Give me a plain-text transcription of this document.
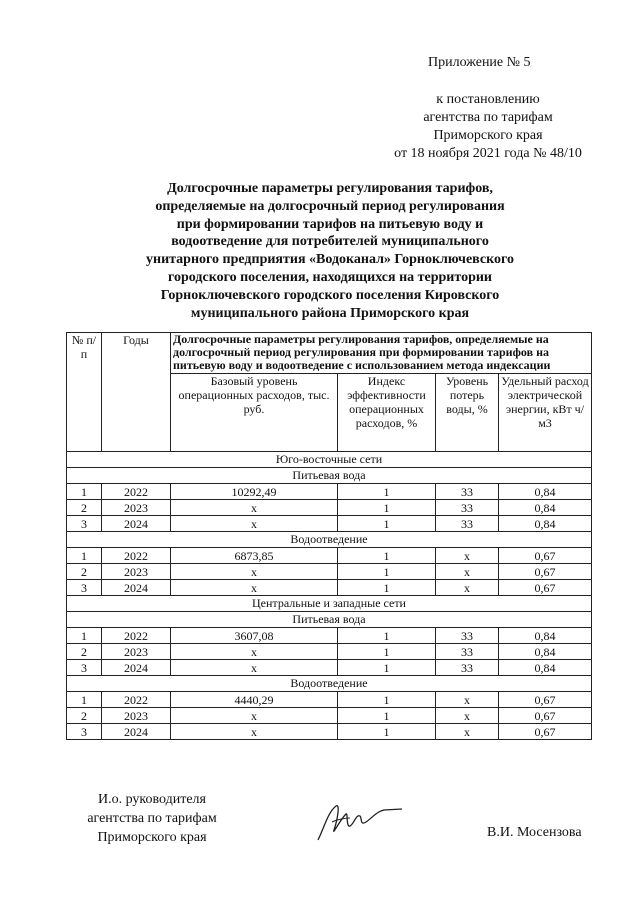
Приложение № 5
к постановлению
агентства по тарифам
Приморского края
от 18 ноября 2021 года № 48/10
Долгосрочные параметры регулирования тарифов,
определяемые на долгосрочный период регулирования
при формировании тарифов на питьевую воду и
водоотведение для потребителей муниципального
унитарного предприятия «Водоканал» Горноключевского
городского поселения, находящихся на территории
Горноключевского городского поселения Кировского
муниципального района Приморского края
№ п/п	Годы	Долгосрочные параметры регулирования тарифов, определяемые на долгосрочный период регулирования при формировании тарифов на питьевую воду и водоотведение с использованием метода индексации			
		Базовый уровень операционных расходов, тыс. руб.	Индекс эффективности операционных расходов, %	Уровень потерь воды, %	Удельный расход электрической энергии, кВт ч/м3
Юго-восточные сети					
Питьевая вода					
1	2022	10292,49	1	33	0,84
2	2023	х	1	33	0,84
3	2024	х	1	33	0,84
Водоотведение					
1	2022	6873,85	1	х	0,67
2	2023	х	1	х	0,67
3	2024	х	1	х	0,67
Центральные и западные сети					
Питьевая вода					
1	2022	3607,08	1	33	0,84
2	2023	х	1	33	0,84
3	2024	х	1	33	0,84
Водоотведение					
1	2022	4440,29	1	х	0,67
2	2023	х	1	х	0,67
3	2024	х	1	х	0,67
И.о. руководителя
агентства по тарифам
Приморского края	В.И. Мосензова
